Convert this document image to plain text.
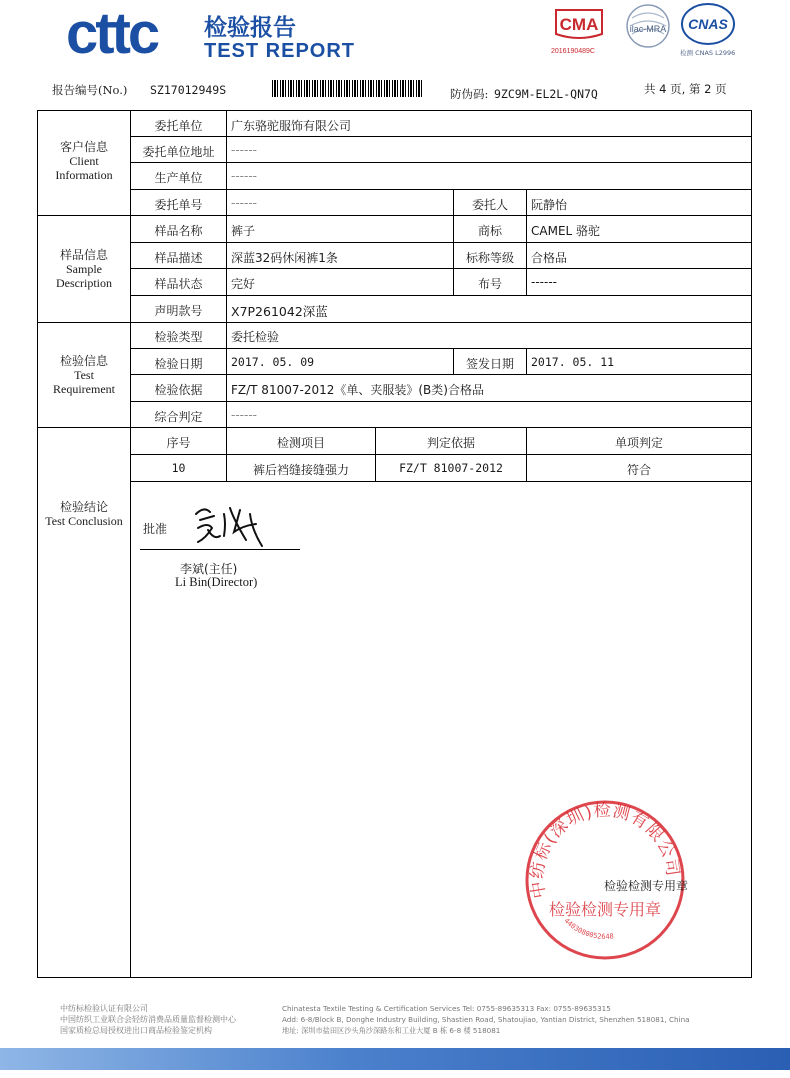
cttc 检验报告
TEST REPORT
CMA
2016190489C
ilac-MRA CNAS
检测 CNAS L2996
报告编号(No.) SZ17012949S	防伪码: 9ZC9M-EL2L-QN7Q	共 4 页, 第 2 页
客户信息
Client
Information
委托单位	广东骆驼服饰有限公司
委托单位地址	------
生产单位	------
委托单号	------	委托人	阮静怡
样品信息
Sample
Description
样品名称	裤子	商标	CAMEL 骆驼
样品描述	深蓝32码休闲裤1条	标称等级	合格品
样品状态	完好	布号	------
声明款号	X7P261042深蓝
检验信息
Test
Requirement
检验类型	委托检验
检验日期	2017. 05. 09	签发日期	2017. 05. 11
检验依据	FZ/T 81007-2012《单、夹服装》(B类)合格品
综合判定	------
检验结论
Test Conclusion
序号	检测项目	判定依据	单项判定
10	裤后裆缝接缝强力	FZ/T 81007-2012	符合
批准
李斌(主任)
Li Bin(Director)
中纺标(深圳)检测有限公司
检验检测专用章
4403080052648
检验检测专用章
中纺标检验认证有限公司
中国纺织工业联合会轻纺消费品质量监督检测中心
国家质检总局授权进出口商品检验鉴定机构
Chinatesta Textile Testing & Certification Services Tel: 0755-89635313 Fax: 0755-89635315
Add: 6-8/Block B, Donghe Industry Building, Shastien Road, Shatoujiao, Yantian District, Shenzhen 518081, China
地址: 深圳市盐田区沙头角沙深路东和工业大厦 B 栋 6-8 楼 518081
